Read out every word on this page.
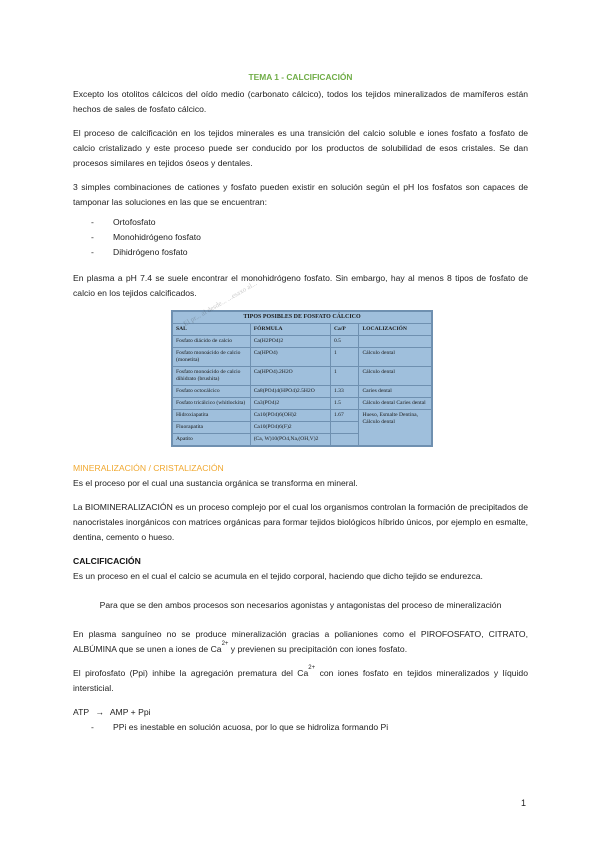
TEMA 1 - CALCIFICACIÓN

Excepto los otolitos cálcicos del oído medio (carbonato cálcico), todos los tejidos mineralizados de mamíferos están hechos de sales de fosfato cálcico.

El proceso de calcificación en los tejidos minerales es una transición del calcio soluble e iones fosfato a fosfato de calcio cristalizado y este proceso puede ser conducido por los productos de solubilidad de esos cristales. Se dan procesos similares en tejidos óseos y dentales.

3 simples combinaciones de cationes y fosfato pueden existir en solución según el pH los fosfatos son capaces de tamponar las soluciones en las que se encuentran:

- Ortofosfato
- Monohidrógeno fosfato
- Dihidrógeno fosfato

En plasma a pH 7.4 se suele encontrar el monohidrógeno fosfato. Sin embargo, hay al menos 8 tipos de fosfato de calcio en los tejidos calcificados.

TIPOS POSIBLES DE FOSFATO CÁLCICO			
SAL	FÓRMULA	Ca/P	LOCALIZACIÓN
Fosfato diácido de calcio	Ca(H2PO4)2	0.5	
Fosfato monoácido de calcio (monetita)	Ca(HPO4)	1	Cálculo dental
Fosfato monoácido de calcio dihidrato (brushita)	Ca(HPO4).2H2O	1	Cálculo dental
Fosfato octocálcico	Ca8(PO4)4(HPO4)2.5H2O	1.33	Caries dental
Fosfato tricálcico (whitlockita)	Ca3(PO4)2	1.5	Cálculo dental Caries dental
Hidroxiapatita	Ca10(PO4)6(OH)2	1.67	Hueso, Esmalte Dentina, Cálculo dental
Fluorapatita	Ca10(PO4)6(F)2		
Apatito	(Ca, W)10(PO4,Na,(OH,V)2		
El pr... al desde... ...esaxo al...
MINERALIZACIÓN / CRISTALIZACIÓN

Es el proceso por el cual una sustancia orgánica se transforma en mineral.

La BIOMINERALIZACIÓN es un proceso complejo por el cual los organismos controlan la formación de precipitados de nanocristales inorgánicos con matrices orgánicas para formar tejidos biológicos híbrido únicos, por ejemplo en esmalte, dentina, cemento o hueso.

CALCIFICACIÓN

Es un proceso en el cual el calcio se acumula en el tejido corporal, haciendo que dicho tejido se endurezca.

Para que se den ambos procesos son necesarios agonistas y antagonistas del proceso de mineralización

En plasma sanguíneo no se produce mineralización gracias a polianiones como el PIROFOSFATO, CITRATO, ALBÚMINA que se unen a iones de $Ca^{2+}$ y previenen su precipitación con iones fosfato.

El pirofosfato (Ppi) inhibe la agregación prematura del $Ca^{2+}$ con iones fosfato en tejidos mineralizados y líquido intersticial.

ATP → AMP + Ppi
- PPi es inestable en solución acuosa, por lo que se hidroliza formando Pi
1
